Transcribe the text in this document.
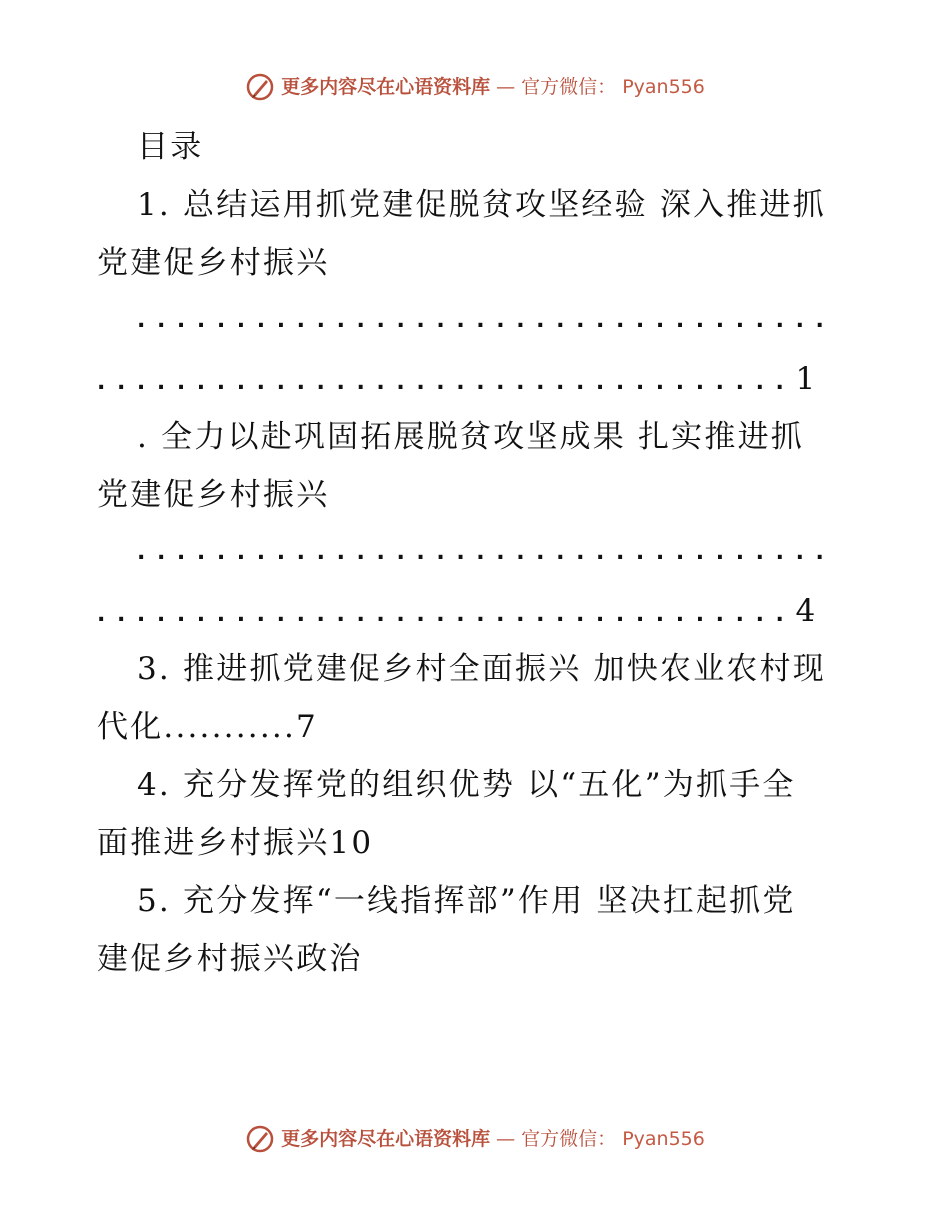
更多内容尽在心语资料库 — 官方微信： Pyan556
目录
1. 总结运用抓党建促脱贫攻坚经验 深入推进抓
党建促乡村振兴
...................................
...................................1
. 全力以赴巩固拓展脱贫攻坚成果 扎实推进抓
党建促乡村振兴
...................................
...................................4
3. 推进抓党建促乡村全面振兴 加快农业农村现
代化...........7
4. 充分发挥党的组织优势 以“五化”为抓手全
面推进乡村振兴10
5. 充分发挥“一线指挥部”作用 坚决扛起抓党
建促乡村振兴政治
更多内容尽在心语资料库 — 官方微信： Pyan556
